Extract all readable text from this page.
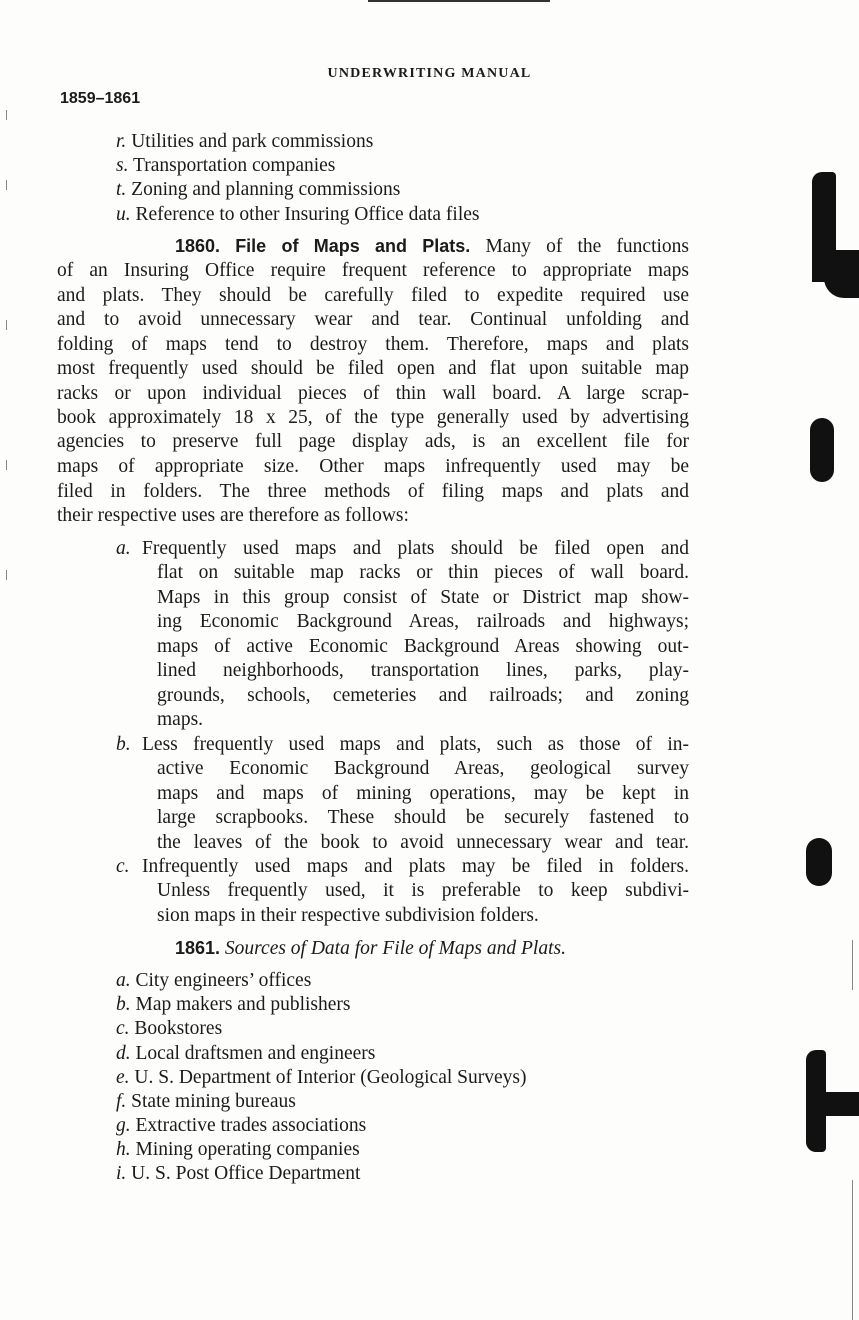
UNDERWRITING MANUAL
1859–1861
r. Utilities and park commissions
s. Transportation companies
t. Zoning and planning commissions
u. Reference to other Insuring Office data files
1860. File of Maps and Plats. Many of the functions
of an Insuring Office require frequent reference to appropriate maps
and plats. They should be carefully filed to expedite required use
and to avoid unnecessary wear and tear. Continual unfolding and
folding of maps tend to destroy them. Therefore, maps and plats
most frequently used should be filed open and flat upon suitable map
racks or upon individual pieces of thin wall board. A large scrap-
book approximately 18 x 25, of the type generally used by advertising
agencies to preserve full page display ads, is an excellent file for
maps of appropriate size. Other maps infrequently used may be
filed in folders. The three methods of filing maps and plats and
their respective uses are therefore as follows:
a. Frequently used maps and plats should be filed open and
flat on suitable map racks or thin pieces of wall board.
Maps in this group consist of State or District map show-
ing Economic Background Areas, railroads and highways;
maps of active Economic Background Areas showing out-
lined neighborhoods, transportation lines, parks, play-
grounds, schools, cemeteries and railroads; and zoning
maps.
b. Less frequently used maps and plats, such as those of in-
active Economic Background Areas, geological survey
maps and maps of mining operations, may be kept in
large scrapbooks. These should be securely fastened to
the leaves of the book to avoid unnecessary wear and tear.
c. Infrequently used maps and plats may be filed in folders.
Unless frequently used, it is preferable to keep subdivi-
sion maps in their respective subdivision folders.
1861. Sources of Data for File of Maps and Plats.
a. City engineers’ offices
b. Map makers and publishers
c. Bookstores
d. Local draftsmen and engineers
e. U. S. Department of Interior (Geological Surveys)
f. State mining bureaus
g. Extractive trades associations
h. Mining operating companies
i. U. S. Post Office Department
